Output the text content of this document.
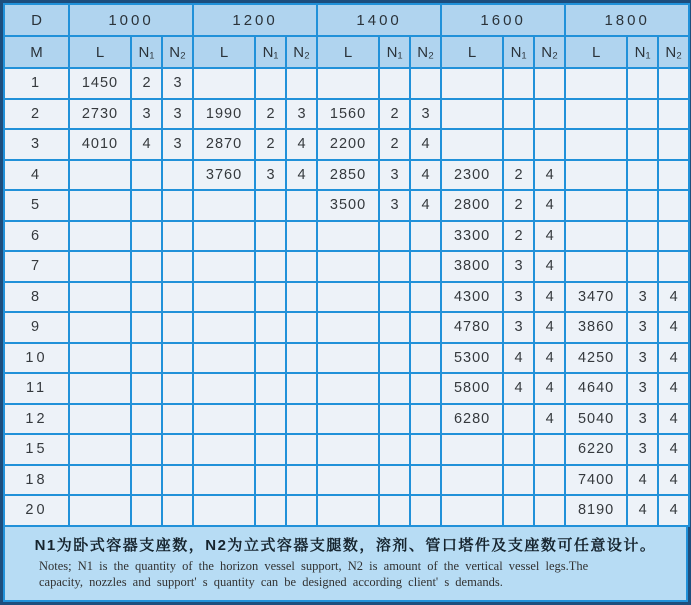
D	1000			1200			1400			1600			1800		
M	L	N₁	N₂	L	N₁	N₂	L	N₁	N₂	L	N₁	N₂	L	N₁	N₂
1	1450	2	3												
2	2730	3	3	1990	2	3	1560	2	3						
3	4010	4	3	2870	2	4	2200	2	4						
4				3760	3	4	2850	3	4	2300	2	4			
5							3500	3	4	2800	2	4			
6										3300	2	4			
7										3800	3	4			
8										4300	3	4	3470	3	4
9										4780	3	4	3860	3	4
10										5300	4	4	4250	3	4
11										5800	4	4	4640	3	4
12										6280		4	5040	3	4
15													6220	3	4
18													7400	4	4
20													8190	4	4
N1为卧式容器支座数，N2为立式容器支腿数，溶剂、管口塔件及支座数可任意设计。
Notes; N1 is the quantity of the horizon vessel support, N2 is amount of the vertical vessel legs.The
capacity, nozzles and support' s quantity can be designed according client' s demands.
